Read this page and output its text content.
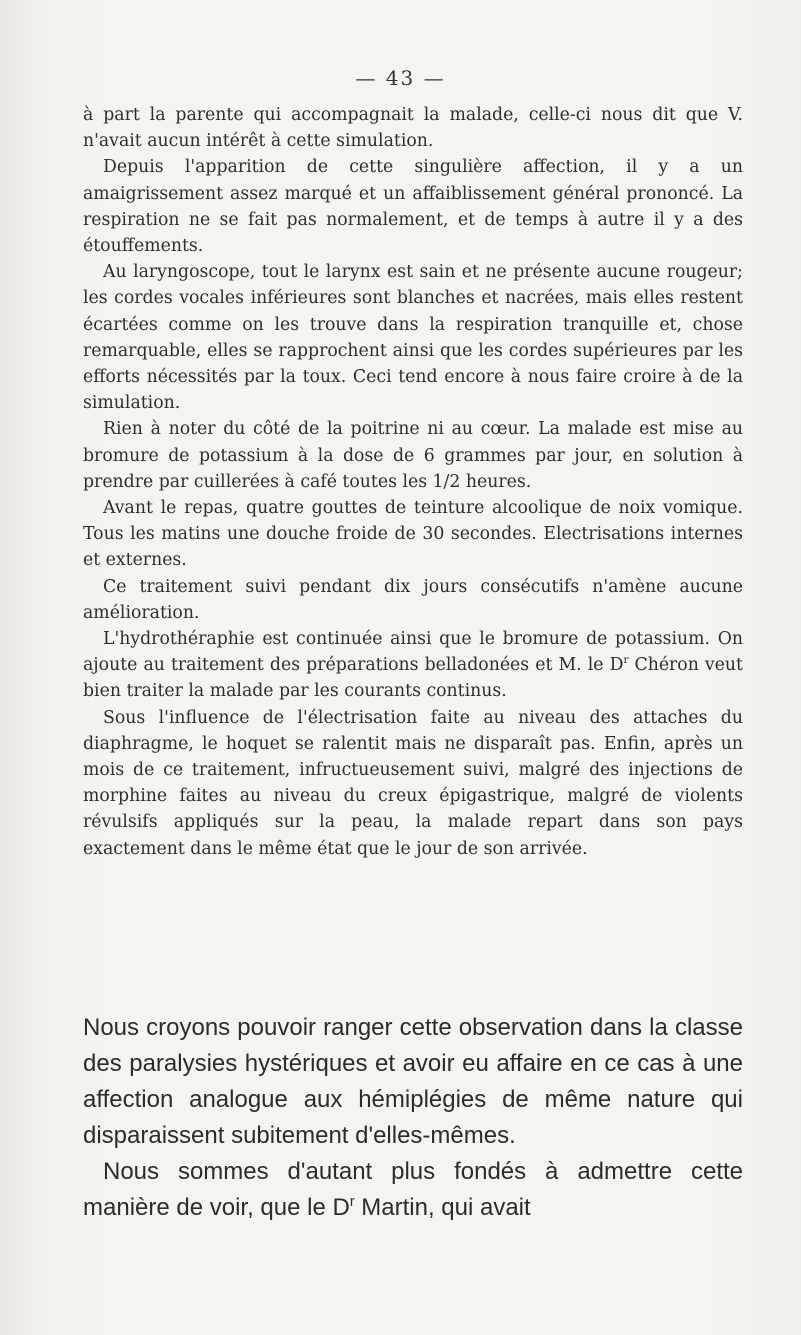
— 43 —

à part la parente qui accompagnait la malade, celle-ci nous dit que V. n'avait aucun intérêt à cette simulation.

Depuis l'apparition de cette singulière affection, il y a un amaigrissement assez marqué et un affaiblissement général prononcé. La respiration ne se fait pas normalement, et de temps à autre il y a des étouffements.

Au laryngoscope, tout le larynx est sain et ne présente aucune rougeur; les cordes vocales inférieures sont blanches et nacrées, mais elles restent écartées comme on les trouve dans la respiration tranquille et, chose remarquable, elles se rapprochent ainsi que les cordes supérieures par les efforts nécessités par la toux. Ceci tend encore à nous faire croire à de la simulation.

Rien à noter du côté de la poitrine ni au cœur. La malade est mise au bromure de potassium à la dose de 6 grammes par jour, en solution à prendre par cuillerées à café toutes les 1/2 heures.

Avant le repas, quatre gouttes de teinture alcoolique de noix vomique. Tous les matins une douche froide de 30 secondes. Electrisations internes et externes.

Ce traitement suivi pendant dix jours consécutifs n'amène aucune amélioration.

L'hydrothéraphie est continuée ainsi que le bromure de potassium. On ajoute au traitement des préparations belladonées et M. le $D^r$ Chéron veut bien traiter la malade par les courants continus.

Sous l'influence de l'électrisation faite au niveau des attaches du diaphragme, le hoquet se ralentit mais ne disparaît pas. Enfin, après un mois de ce traitement, infructueusement suivi, malgré des injections de morphine faites au niveau du creux épigastrique, malgré de violents révulsifs appliqués sur la peau, la malade repart dans son pays exactement dans le même état que le jour de son arrivée.

Nous croyons pouvoir ranger cette observation dans la classe des paralysies hystériques et avoir eu affaire en ce cas à une affection analogue aux hémiplégies de même nature qui disparaissent subitement d'elles-mêmes.

Nous sommes d'autant plus fondés à admettre cette manière de voir, que le $D^r$ Martin, qui avait
